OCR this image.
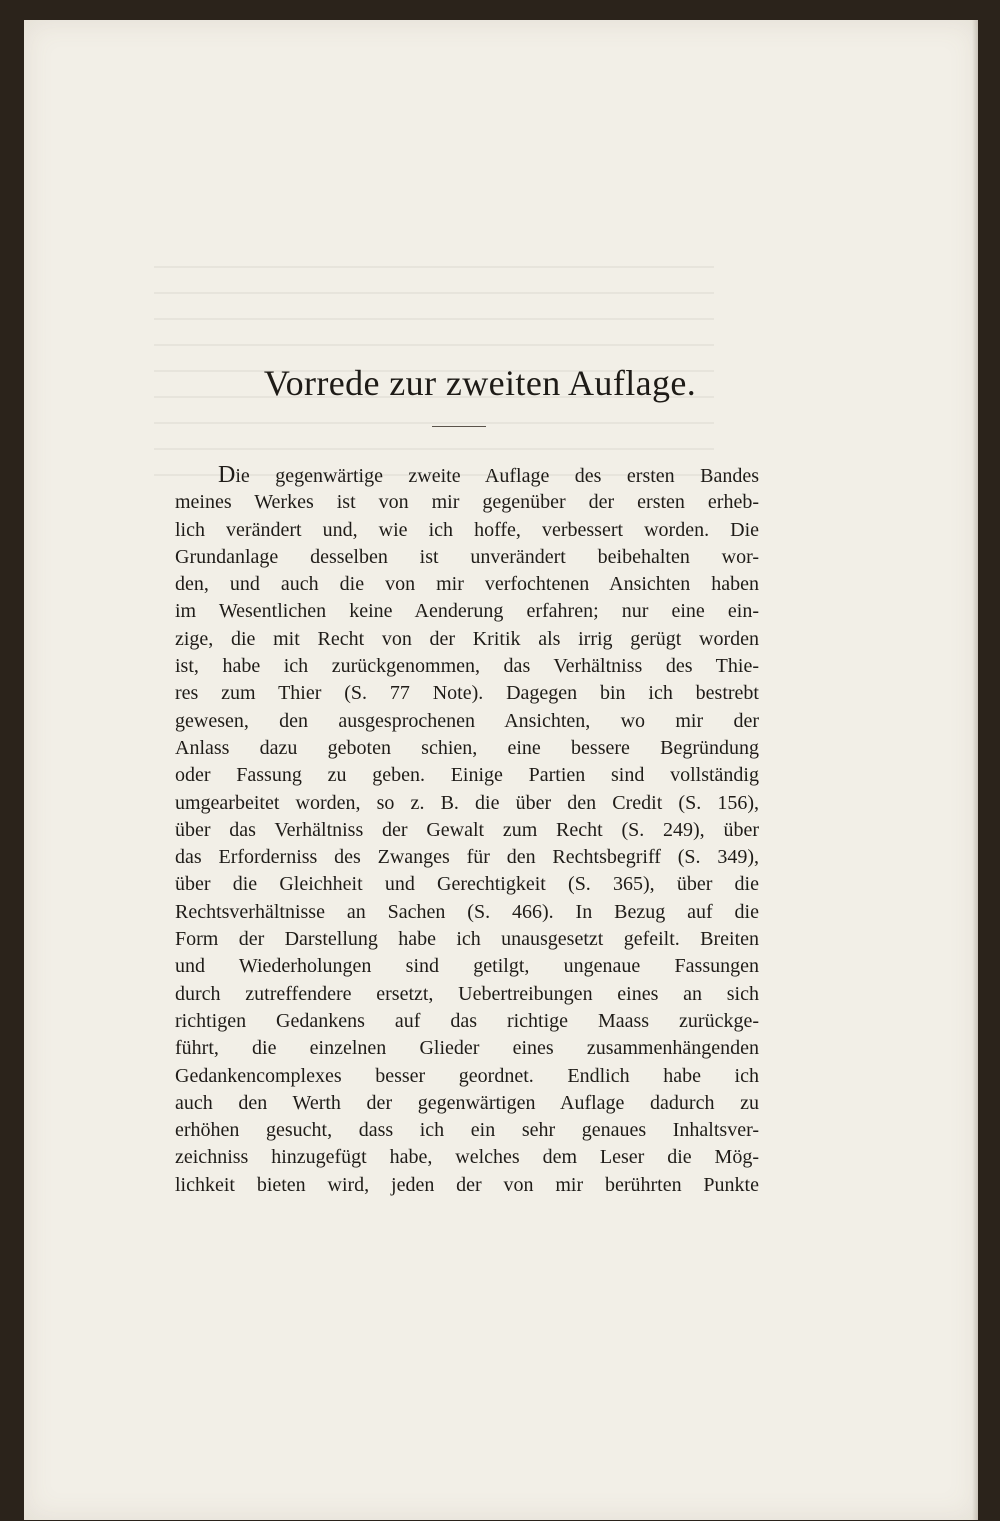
Vorrede zur zweiten Auflage.
Die gegenwärtige zweite Auflage des ersten Bandes
meines Werkes ist von mir gegenüber der ersten erheb-
lich verändert und, wie ich hoffe, verbessert worden. Die
Grundanlage desselben ist unverändert beibehalten wor-
den, und auch die von mir verfochtenen Ansichten haben
im Wesentlichen keine Aenderung erfahren; nur eine ein-
zige, die mit Recht von der Kritik als irrig gerügt worden
ist, habe ich zurückgenommen, das Verhältniss des Thie-
res zum Thier (S. 77 Note). Dagegen bin ich bestrebt
gewesen, den ausgesprochenen Ansichten, wo mir der
Anlass dazu geboten schien, eine bessere Begründung
oder Fassung zu geben. Einige Partien sind vollständig
umgearbeitet worden, so z. B. die über den Credit (S. 156),
über das Verhältniss der Gewalt zum Recht (S. 249), über
das Erforderniss des Zwanges für den Rechtsbegriff (S. 349),
über die Gleichheit und Gerechtigkeit (S. 365), über die
Rechtsverhältnisse an Sachen (S. 466). In Bezug auf die
Form der Darstellung habe ich unausgesetzt gefeilt. Breiten
und Wiederholungen sind getilgt, ungenaue Fassungen
durch zutreffendere ersetzt, Uebertreibungen eines an sich
richtigen Gedankens auf das richtige Maass zurückge-
führt, die einzelnen Glieder eines zusammenhängenden
Gedankencomplexes besser geordnet. Endlich habe ich
auch den Werth der gegenwärtigen Auflage dadurch zu
erhöhen gesucht, dass ich ein sehr genaues Inhaltsver-
zeichniss hinzugefügt habe, welches dem Leser die Mög-
lichkeit bieten wird, jeden der von mir berührten Punkte
